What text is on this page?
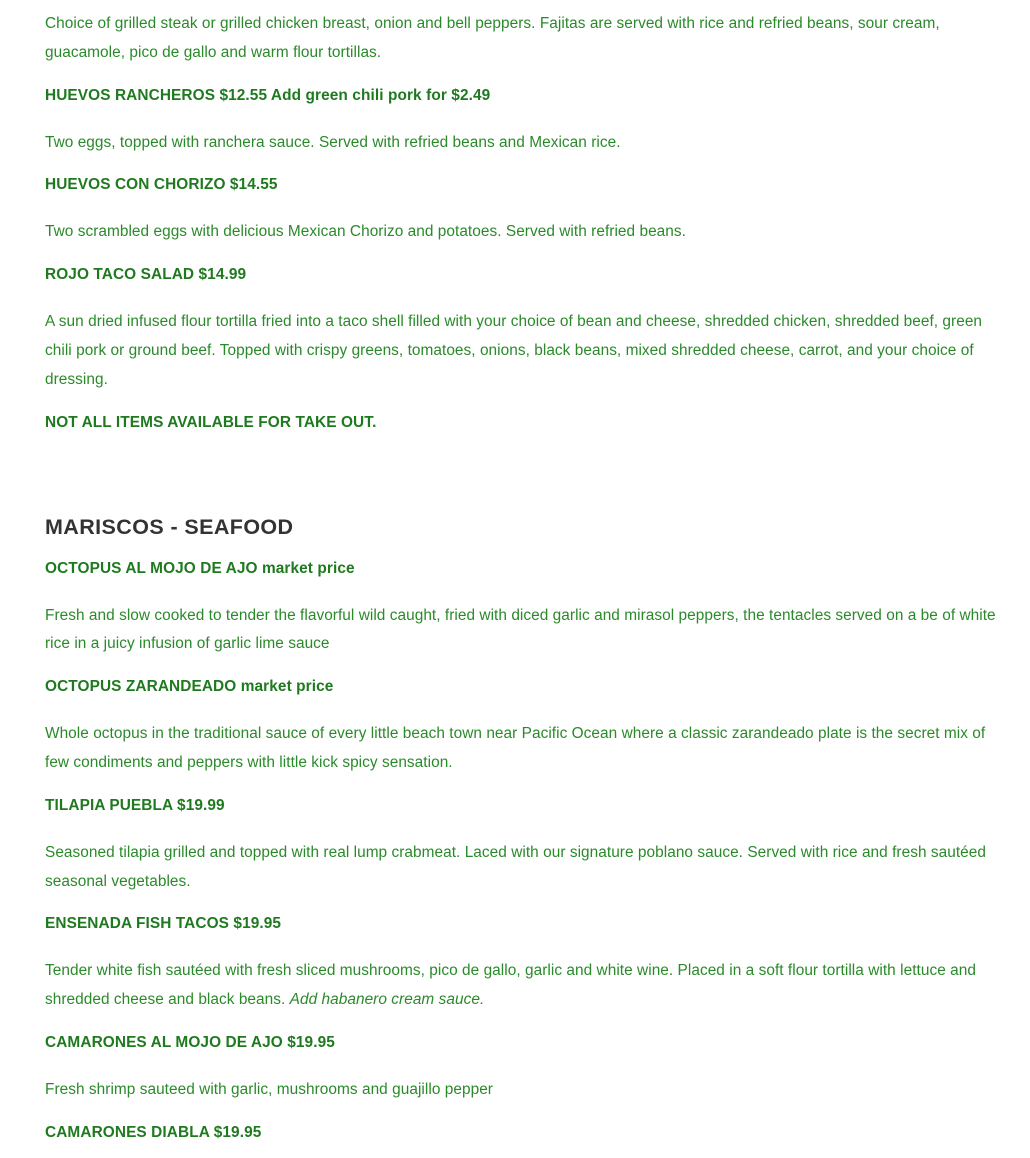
Choice of grilled steak or grilled chicken breast, onion and bell peppers. Fajitas are served with rice and refried beans, sour cream, guacamole, pico de gallo and warm flour tortillas.

HUEVOS RANCHEROS $12.55 Add green chili pork for $2.49

Two eggs, topped with ranchera sauce. Served with refried beans and Mexican rice.

HUEVOS CON CHORIZO $14.55

Two scrambled eggs with delicious Mexican Chorizo and potatoes. Served with refried beans.

ROJO TACO SALAD $14.99

A sun dried infused flour tortilla fried into a taco shell filled with your choice of bean and cheese, shredded chicken, shredded beef, green chili pork or ground beef. Topped with crispy greens, tomatoes, onions, black beans, mixed shredded cheese, carrot, and your choice of dressing.

NOT ALL ITEMS AVAILABLE FOR TAKE OUT.

MARISCOS - SEAFOOD

OCTOPUS AL MOJO DE AJO market price

Fresh and slow cooked to tender the flavorful wild caught, fried with diced garlic and mirasol peppers, the tentacles served on a be of white rice in a juicy infusion of garlic lime sauce

OCTOPUS ZARANDEADO market price

Whole octopus in the traditional sauce of every little beach town near Pacific Ocean where a classic zarandeado plate is the secret mix of few condiments and peppers with little kick spicy sensation.

TILAPIA PUEBLA $19.99

Seasoned tilapia grilled and topped with real lump crabmeat. Laced with our signature poblano sauce. Served with rice and fresh sautéed seasonal vegetables.

ENSENADA FISH TACOS $19.95

Tender white fish sautéed with fresh sliced mushrooms, pico de gallo, garlic and white wine. Placed in a soft flour tortilla with lettuce and shredded cheese and black beans. Add habanero cream sauce.

CAMARONES AL MOJO DE AJO $19.95

Fresh shrimp sauteed with garlic, mushrooms and guajillo pepper

CAMARONES DIABLA $19.95
